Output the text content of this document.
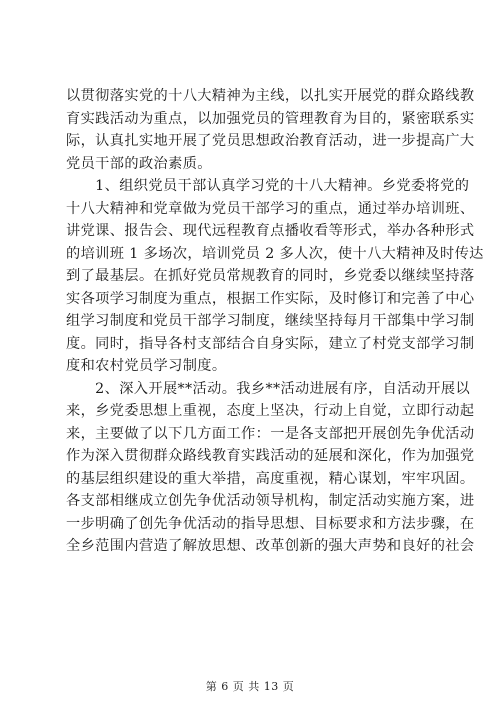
以贯彻落实党的十八大精神为主线，以扎实开展党的群众路线教
育实践活动为重点，以加强党员的管理教育为目的，紧密联系实
际，认真扎实地开展了党员思想政治教育活动，进一步提高广大
党员干部的政治素质。
　　1、组织党员干部认真学习党的十八大精神。乡党委将党的
十八大精神和党章做为党员干部学习的重点，通过举办培训班、
讲党课、报告会、现代远程教育点播收看等形式，举办各种形式
的培训班 1 多场次，培训党员 2 多人次，使十八大精神及时传达
到了最基层。在抓好党员常规教育的同时，乡党委以继续坚持落
实各项学习制度为重点，根据工作实际，及时修订和完善了中心
组学习制度和党员干部学习制度，继续坚持每月干部集中学习制
度。同时，指导各村支部结合自身实际，建立了村党支部学习制
度和农村党员学习制度。
　　2、深入开展**活动。我乡**活动进展有序，自活动开展以
来，乡党委思想上重视，态度上坚决，行动上自觉，立即行动起
来，主要做了以下几方面工作：一是各支部把开展创先争优活动
作为深入贯彻群众路线教育实践活动的延展和深化，作为加强党
的基层组织建设的重大举措，高度重视，精心谋划，牢牢巩固。
各支部相继成立创先争优活动领导机构，制定活动实施方案，进
一步明确了创先争优活动的指导思想、目标要求和方法步骤，在
全乡范围内营造了解放思想、改革创新的强大声势和良好的社会
第 6 页 共 13 页
